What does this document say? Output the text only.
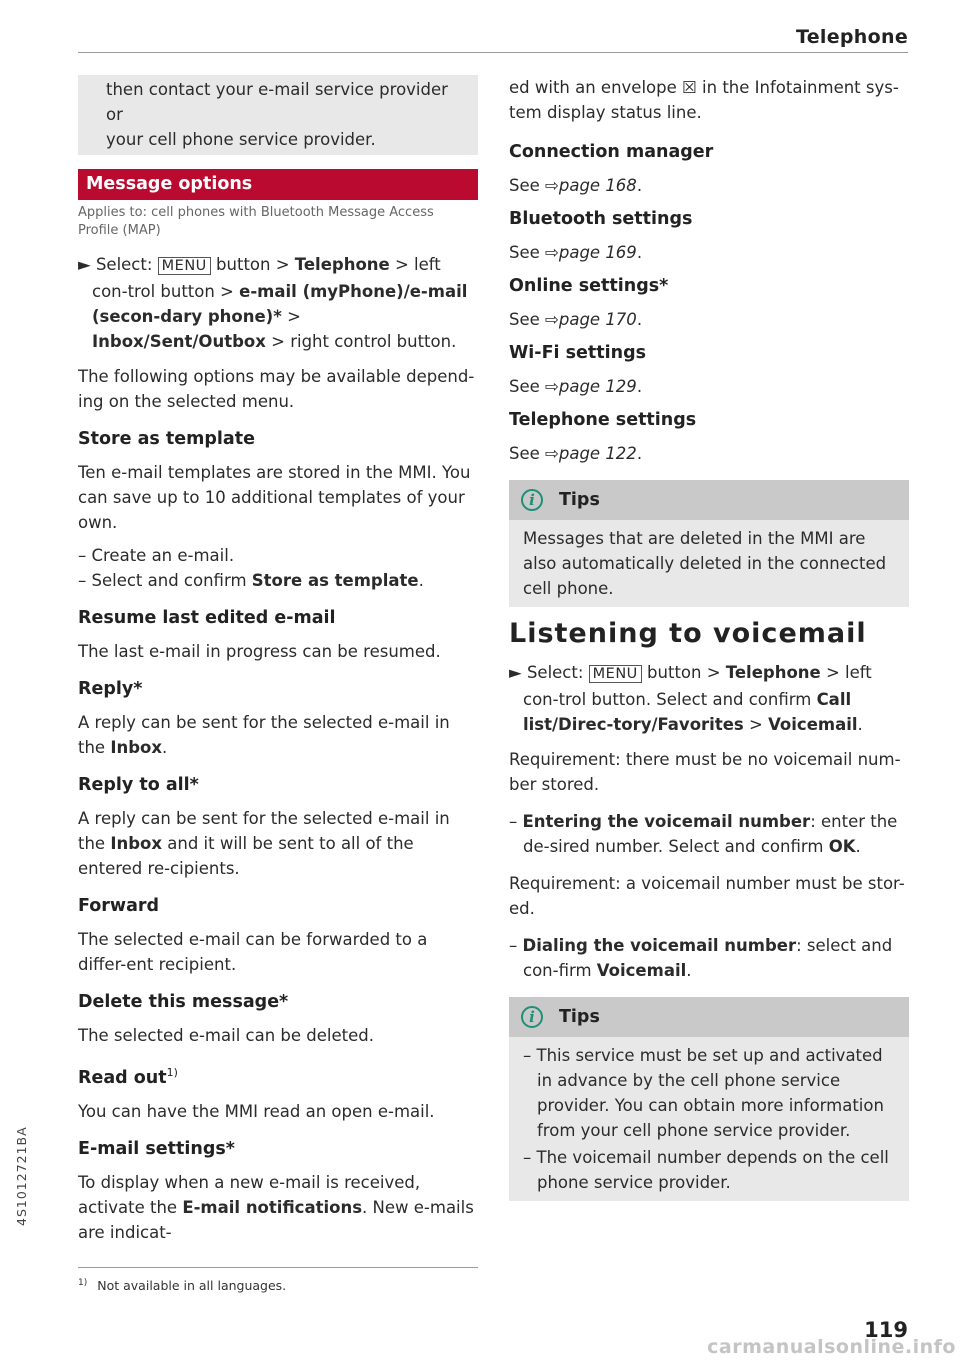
Telephone

then contact your e-mail service provider or

your cell phone service provider.

Message options

Applies to: cell phones with Bluetooth Message Access Profile (MAP)

► Select: MENU button > Telephone > left con-trol button > e-mail (myPhone)/e-mail (secon-dary phone)* > Inbox/Sent/Outbox > right control button.

The following options may be available depend-ing on the selected menu.

Store as template

Ten e-mail templates are stored in the MMI. You can save up to 10 additional templates of your own.

– Create an e-mail.

– Select and confirm Store as template.

Resume last edited e-mail

The last e-mail in progress can be resumed.

Reply*

A reply can be sent for the selected e-mail in the Inbox.

Reply to all*

A reply can be sent for the selected e-mail in the Inbox and it will be sent to all of the entered re-cipients.

Forward

The selected e-mail can be forwarded to a differ-ent recipient.

Delete this message*

The selected e-mail can be deleted.

Read out$^{1)}$

You can have the MMI read an open e-mail.

E-mail settings*

To display when a new e-mail is received, activate the E-mail notifications. New e-mails are indicat-

ed with an envelope ☒ in the Infotainment sys-tem display status line.

Connection manager

See ⇨page 168.

Bluetooth settings

See ⇨page 169.

Online settings*

See ⇨page 170.

Wi-Fi settings

See ⇨page 129.

Telephone settings

See ⇨page 122.

i	Tips

Messages that are deleted in the MMI are also automatically deleted in the connected cell phone.

Listening to voicemail

► Select: MENU button > Telephone > left con-trol button. Select and confirm Call list/Direc-tory/Favorites > Voicemail.

Requirement: there must be no voicemail num-ber stored.

– Entering the voicemail number: enter the de-sired number. Select and confirm OK.

Requirement: a voicemail number must be stor-ed.

– Dialing the voicemail number: select and con-firm Voicemail.

i	Tips

– This service must be set up and activated in advance by the cell phone service provider. You can obtain more information from your cell phone service provider.

– The voicemail number depends on the cell phone service provider.

$^{1)}$ Not available in all languages.
4S1012721BA
119
carmanualsonline.info
